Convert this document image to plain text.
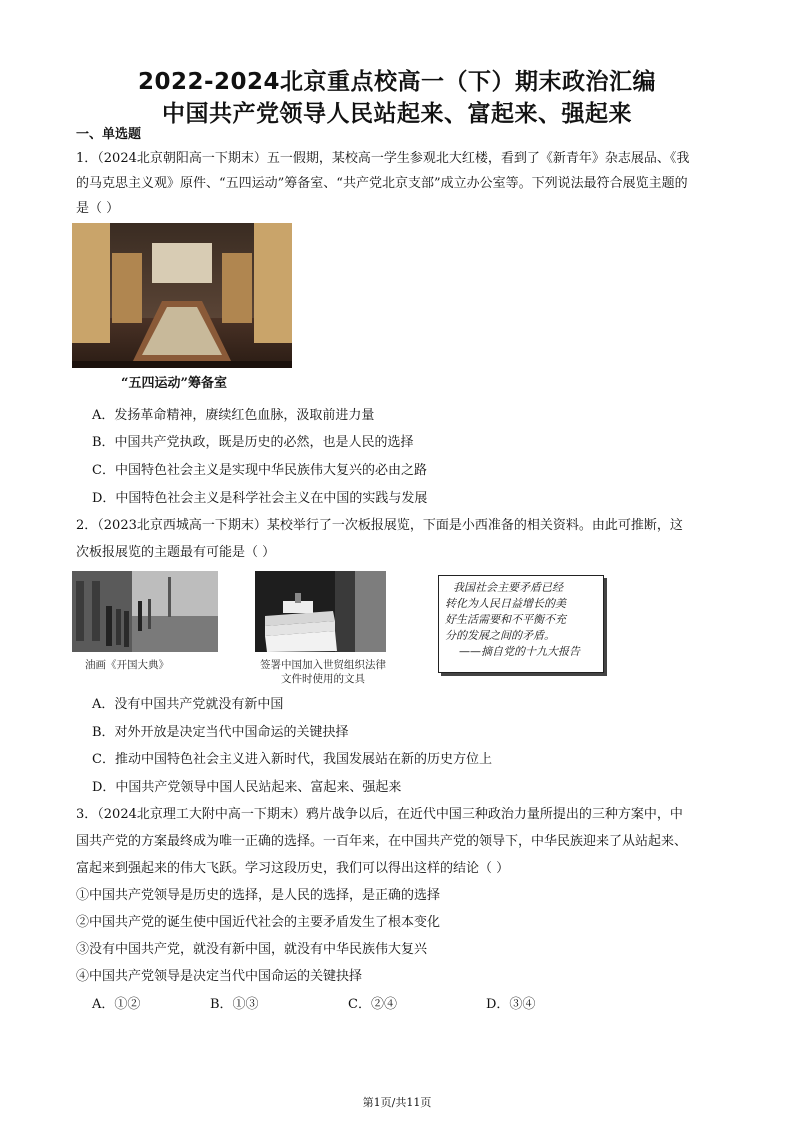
2022-2024北京重点校高一（下）期末政治汇编
中国共产党领导人民站起来、富起来、强起来
一、单选题
1．（2024北京朝阳高一下期末）五一假期，某校高一学生参观北大红楼，看到了《新青年》杂志展品、《我
的马克思主义观》原件、“五四运动”筹备室、“共产党北京支部”成立办公室等。下列说法最符合展览主题的
是（ ）
“五四运动”筹备室
A．发扬革命精神，赓续红色血脉，汲取前进力量
B．中国共产党执政，既是历史的必然，也是人民的选择
C．中国特色社会主义是实现中华民族伟大复兴的必由之路
D．中国特色社会主义是科学社会主义在中国的实践与发展
2．（2023北京西城高一下期末）某校举行了一次板报展览，下面是小西准备的相关资料。由此可推断，这
次板报展览的主题最有可能是（ ）
油画《开国大典》	签署中国加入世贸组织法律
文件时使用的文具
我国社会主要矛盾已经
转化为人民日益增长的美
好生活需要和不平衡不充
分的发展之间的矛盾。
——摘自党的十九大报告
A．没有中国共产党就没有新中国
B．对外开放是决定当代中国命运的关键抉择
C．推动中国特色社会主义进入新时代，我国发展站在新的历史方位上
D．中国共产党领导中国人民站起来、富起来、强起来
3．（2024北京理工大附中高一下期末）鸦片战争以后，在近代中国三种政治力量所提出的三种方案中，中
国共产党的方案最终成为唯一正确的选择。一百年来，在中国共产党的领导下，中华民族迎来了从站起来、
富起来到强起来的伟大飞跃。学习这段历史，我们可以得出这样的结论（ ）
①中国共产党领导是历史的选择，是人民的选择，是正确的选择
②中国共产党的诞生使中国近代社会的主要矛盾发生了根本变化
③没有中国共产党，就没有新中国，就没有中华民族伟大复兴
④中国共产党领导是决定当代中国命运的关键抉择
A．①②	B．①③	C．②④	D．③④
第1页/共11页
